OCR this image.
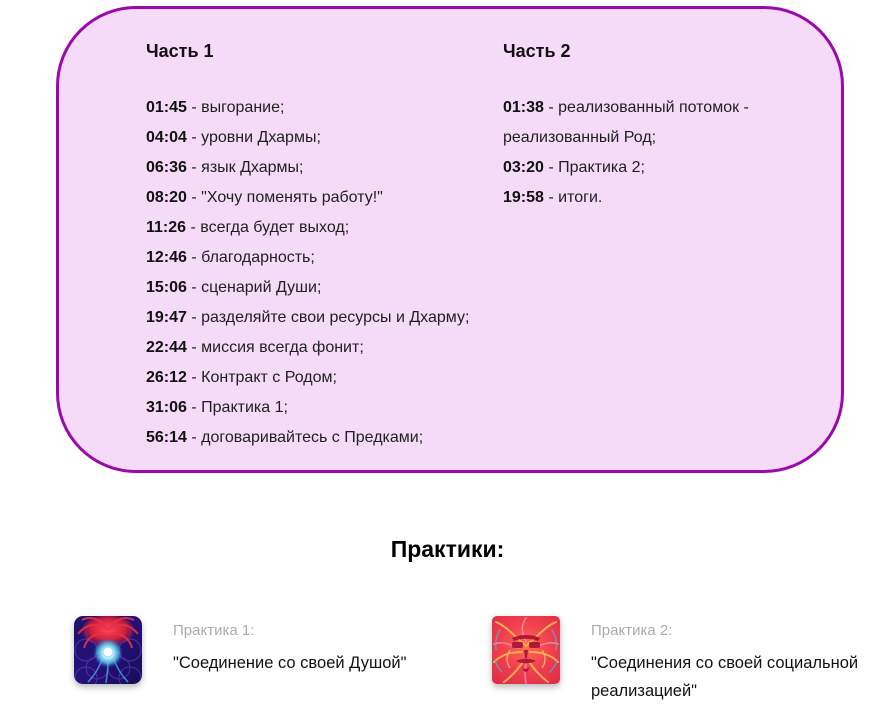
Часть 1
01:45 - выгорание;
04:04 - уровни Дхармы;
06:36 - язык Дхармы;
08:20 - "Хочу поменять работу!"
11:26 - всегда будет выход;
12:46 - благодарность;
15:06 - сценарий Души;
19:47 - разделяйте свои ресурсы и Дхарму;
22:44 - миссия всегда фонит;
26:12 - Контракт с Родом;
31:06 - Практика 1;
56:14 - договаривайтесь с Предками;
Часть 2
01:38 - реализованный потомок - реализованный Род;
03:20 - Практика 2;
19:58 - итоги.
Практики:

Практика 1:

"Соединение со своей Душой"

Практика 2:

"Соединения со своей социальной реализацией"
